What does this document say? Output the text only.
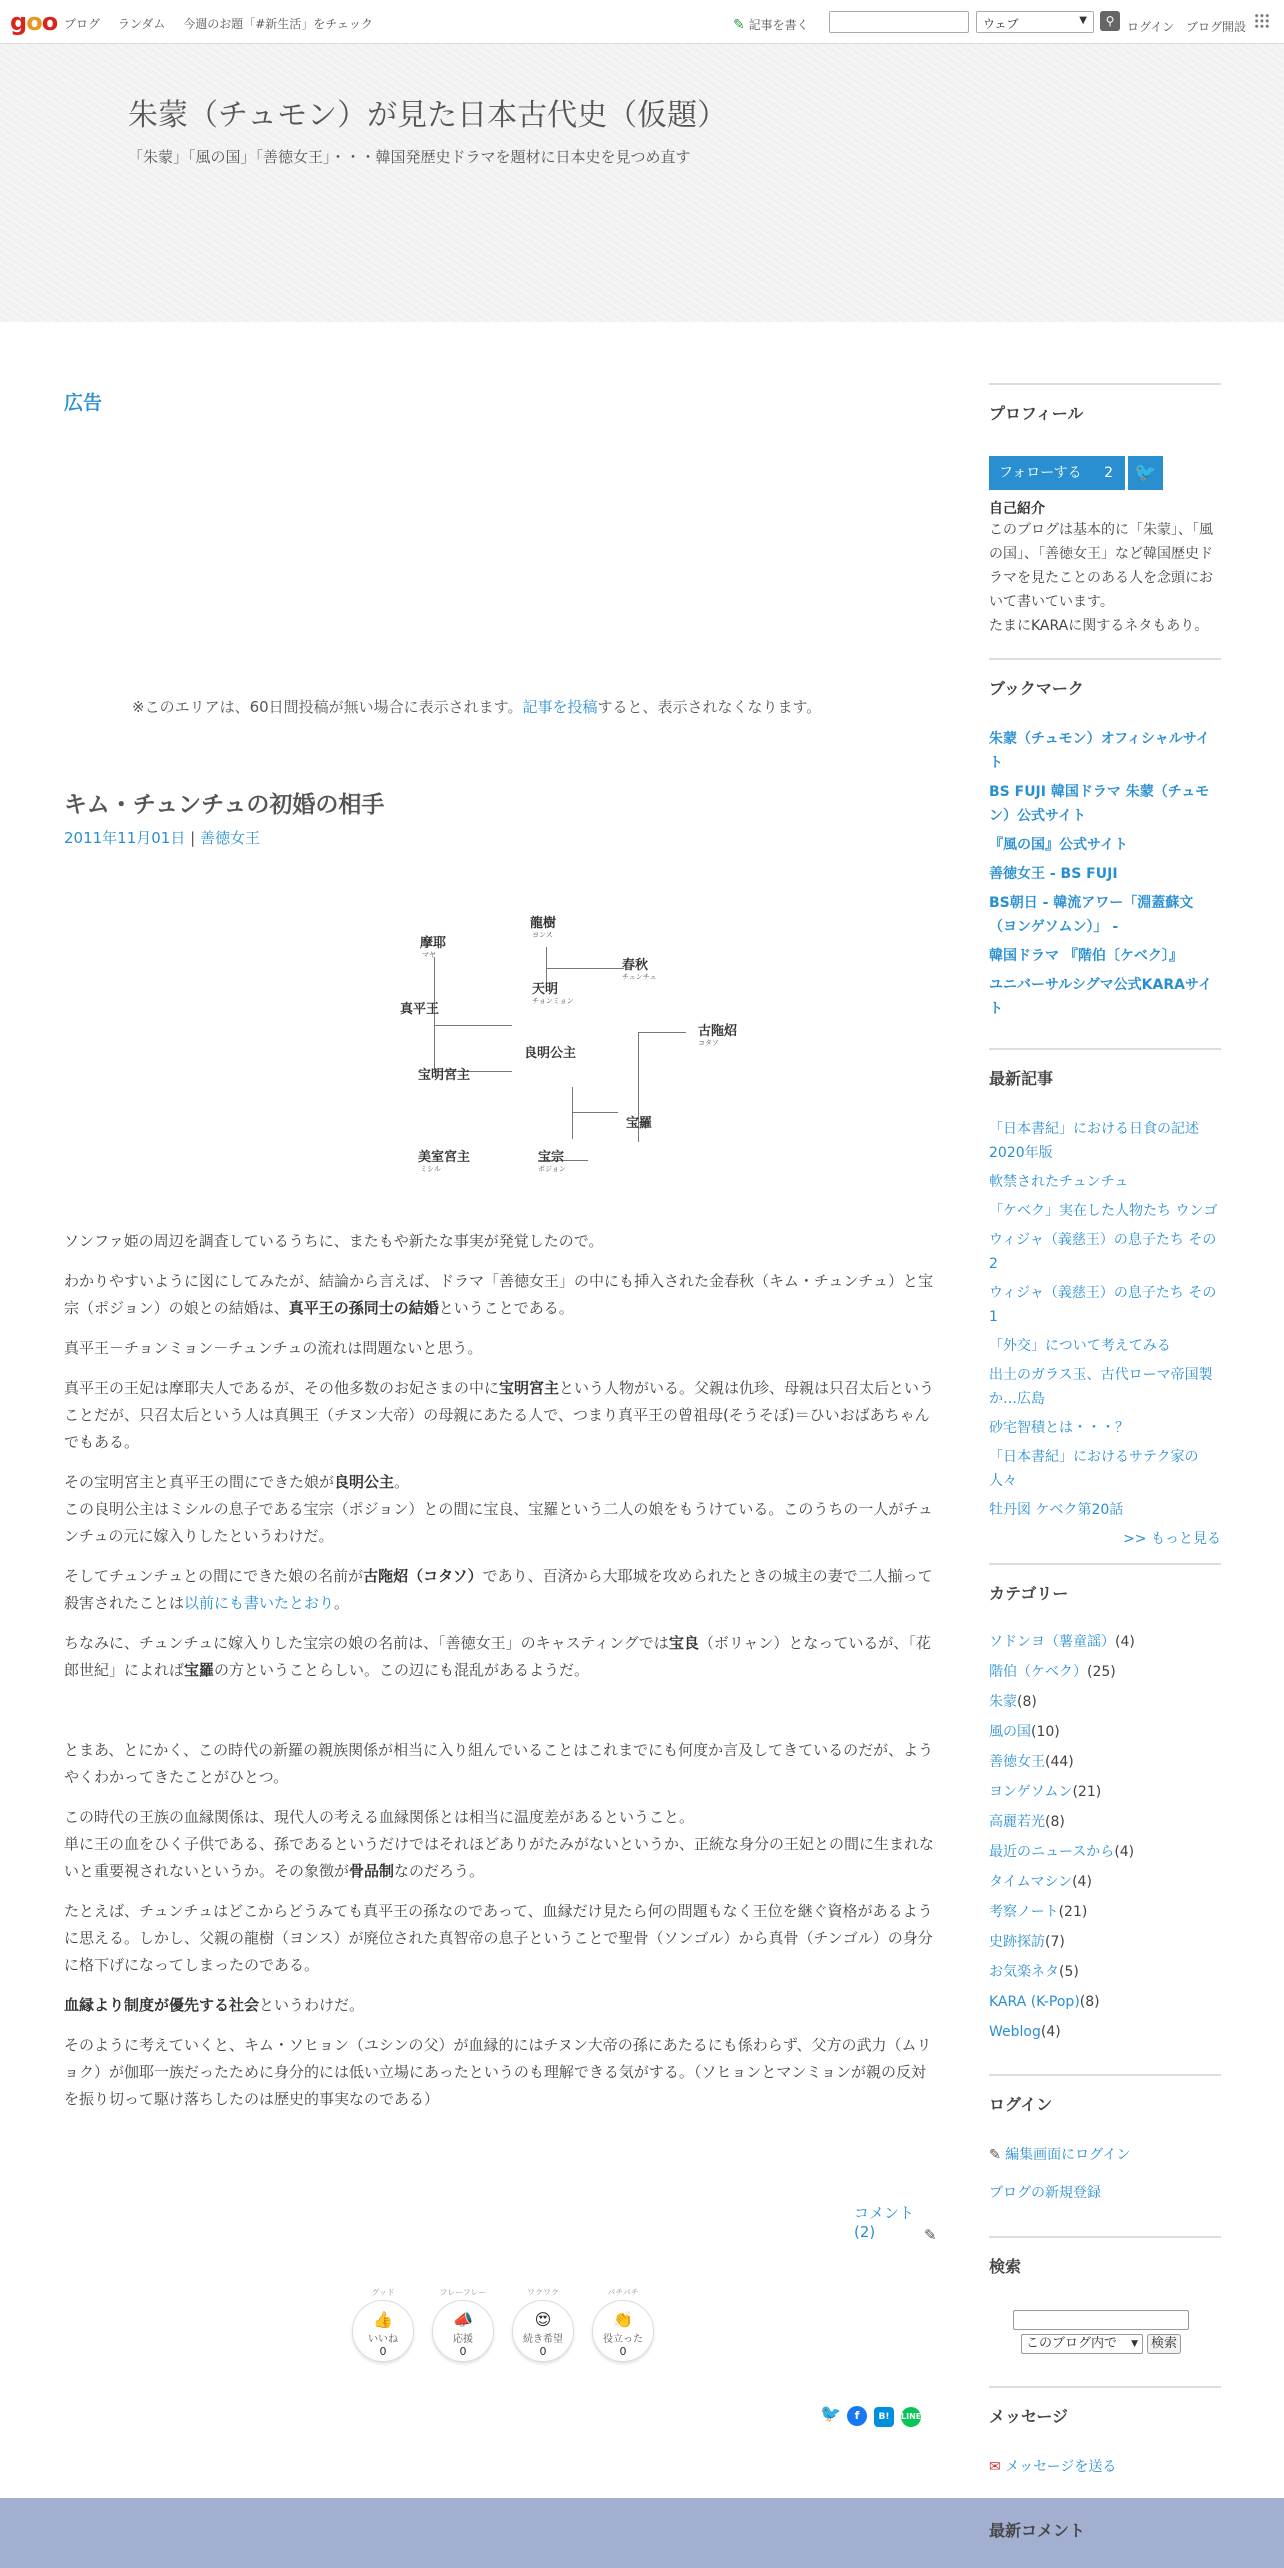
goo ブログ ランダム 今週のお題「#新生活」をチェック	✎ 記事を書く	ウェブ	▼	⚲	ログイン ブログ開設
朱蒙（チュモン）が見た日本古代史（仮題）
「朱蒙」「風の国」「善徳女王」・・・韓国発歴史ドラマを題材に日本史を見つめ直す
広告
※このエリアは、60日間投稿が無い場合に表示されます。記事を投稿すると、表示されなくなります。
キム・チュンチュの初婚の相手
2011年11月01日 | 善徳女王
摩耶
マヤ
真平王
龍樹
ヨンス
天明
チョンミョン
春秋
チュンチュ
古陁炤
コタソ
宝明宮主
良明公主
宝羅
美室宮主
ミシル
宝宗
ポジョン

ソンファ姫の周辺を調査しているうちに、またもや新たな事実が発覚したので。

わかりやすいように図にしてみたが、結論から言えば、ドラマ「善徳女王」の中にも挿入された金春秋（キム・チュンチュ）と宝宗（ポジョン）の娘との結婚は、真平王の孫同士の結婚ということである。

真平王－チョンミョン－チュンチュの流れは問題ないと思う。

真平王の王妃は摩耶夫人であるが、その他多数のお妃さまの中に宝明宮主という人物がいる。父親は仇珍、母親は只召太后ということだが、只召太后という人は真興王（チヌン大帝）の母親にあたる人で、つまり真平王の曾祖母(そうそぼ)＝ひいおばあちゃんでもある。

その宝明宮主と真平王の間にできた娘が良明公主。
この良明公主はミシルの息子である宝宗（ポジョン）との間に宝良、宝羅という二人の娘をもうけている。このうちの一人がチュンチュの元に嫁入りしたというわけだ。

そしてチュンチュとの間にできた娘の名前が古陁炤（コタソ）であり、百済から大耶城を攻められたときの城主の妻で二人揃って殺害されたことは以前にも書いたとおり。

ちなみに、チュンチュに嫁入りした宝宗の娘の名前は、「善徳女王」のキャスティングでは宝良（ボリャン）となっているが、「花郎世紀」によれば宝羅の方ということらしい。この辺にも混乱があるようだ。

とまあ、とにかく、この時代の新羅の親族関係が相当に入り組んでいることはこれまでにも何度か言及してきているのだが、ようやくわかってきたことがひとつ。

この時代の王族の血縁関係は、現代人の考える血縁関係とは相当に温度差があるということ。
単に王の血をひく子供である、孫であるというだけではそれほどありがたみがないというか、正統な身分の王妃との間に生まれないと重要視されないというか。その象徴が骨品制なのだろう。

たとえば、チュンチュはどこからどうみても真平王の孫なのであって、血縁だけ見たら何の問題もなく王位を継ぐ資格があるように思える。しかし、父親の龍樹（ヨンス）が廃位された真智帝の息子ということで聖骨（ソンゴル）から真骨（チンゴル）の身分に格下げになってしまったのである。

血縁より制度が優先する社会というわけだ。

そのように考えていくと、キム・ソヒョン（ユシンの父）が血縁的にはチヌン大帝の孫にあたるにも係わらず、父方の武力（ムリョク）が伽耶一族だったために身分的には低い立場にあったというのも理解できる気がする。（ソヒョンとマンミョンが親の反対を振り切って駆け落ちしたのは歴史的事実なのである）

コメント (2)	✎
グッド
👍
いいね
0
フレーフレー
📣
応援
0
ワクワク
😍
続き希望
0
パチパチ
👏
役立った
0
🐦 f B! LINE
プロフィール
フォローする 2	🐦
自己紹介
このブログは基本的に「朱蒙」、「風の国」、「善徳女王」など韓国歴史ドラマを見たことのある人を念頭において書いています。
たまにKARAに関するネタもあり。
ブックマーク
朱蒙（チュモン）オフィシャルサイト
BS FUJI 韓国ドラマ 朱蒙（チュモン）公式サイト
『風の国』公式サイト
善徳女王 - BS FUJI
BS朝日 - 韓流アワー「淵蓋蘇文（ヨンゲソムン）」 -
韓国ドラマ 『階伯〔ケベク〕』
ユニバーサルシグマ公式KARAサイト
最新記事
「日本書紀」における日食の記述2020年版
軟禁されたチュンチュ
「ケベク」実在した人物たち ウンゴ
ウィジャ（義慈王）の息子たち その2
ウィジャ（義慈王）の息子たち その1
「外交」について考えてみる
出土のガラス玉、古代ローマ帝国製か…広島
砂宅智積とは・・・？
「日本書紀」におけるサテク家の人々
牡丹図 ケベク第20話
>> もっと見る
カテゴリー
ソドンヨ（薯童謡）(4)
階伯（ケベク）(25)
朱蒙(8)
風の国(10)
善徳女王(44)
ヨンゲソムン(21)
高麗若光(8)
最近のニュースから(4)
タイムマシン(4)
考察ノート(21)
史跡探訪(7)
お気楽ネタ(5)
KARA (K-Pop)(8)
Weblog(4)
ログイン
✎ 編集画面にログイン
ブログの新規登録
検索
このブログ内で ▼ 検索
メッセージ
✉ メッセージを送る
最新コメント
